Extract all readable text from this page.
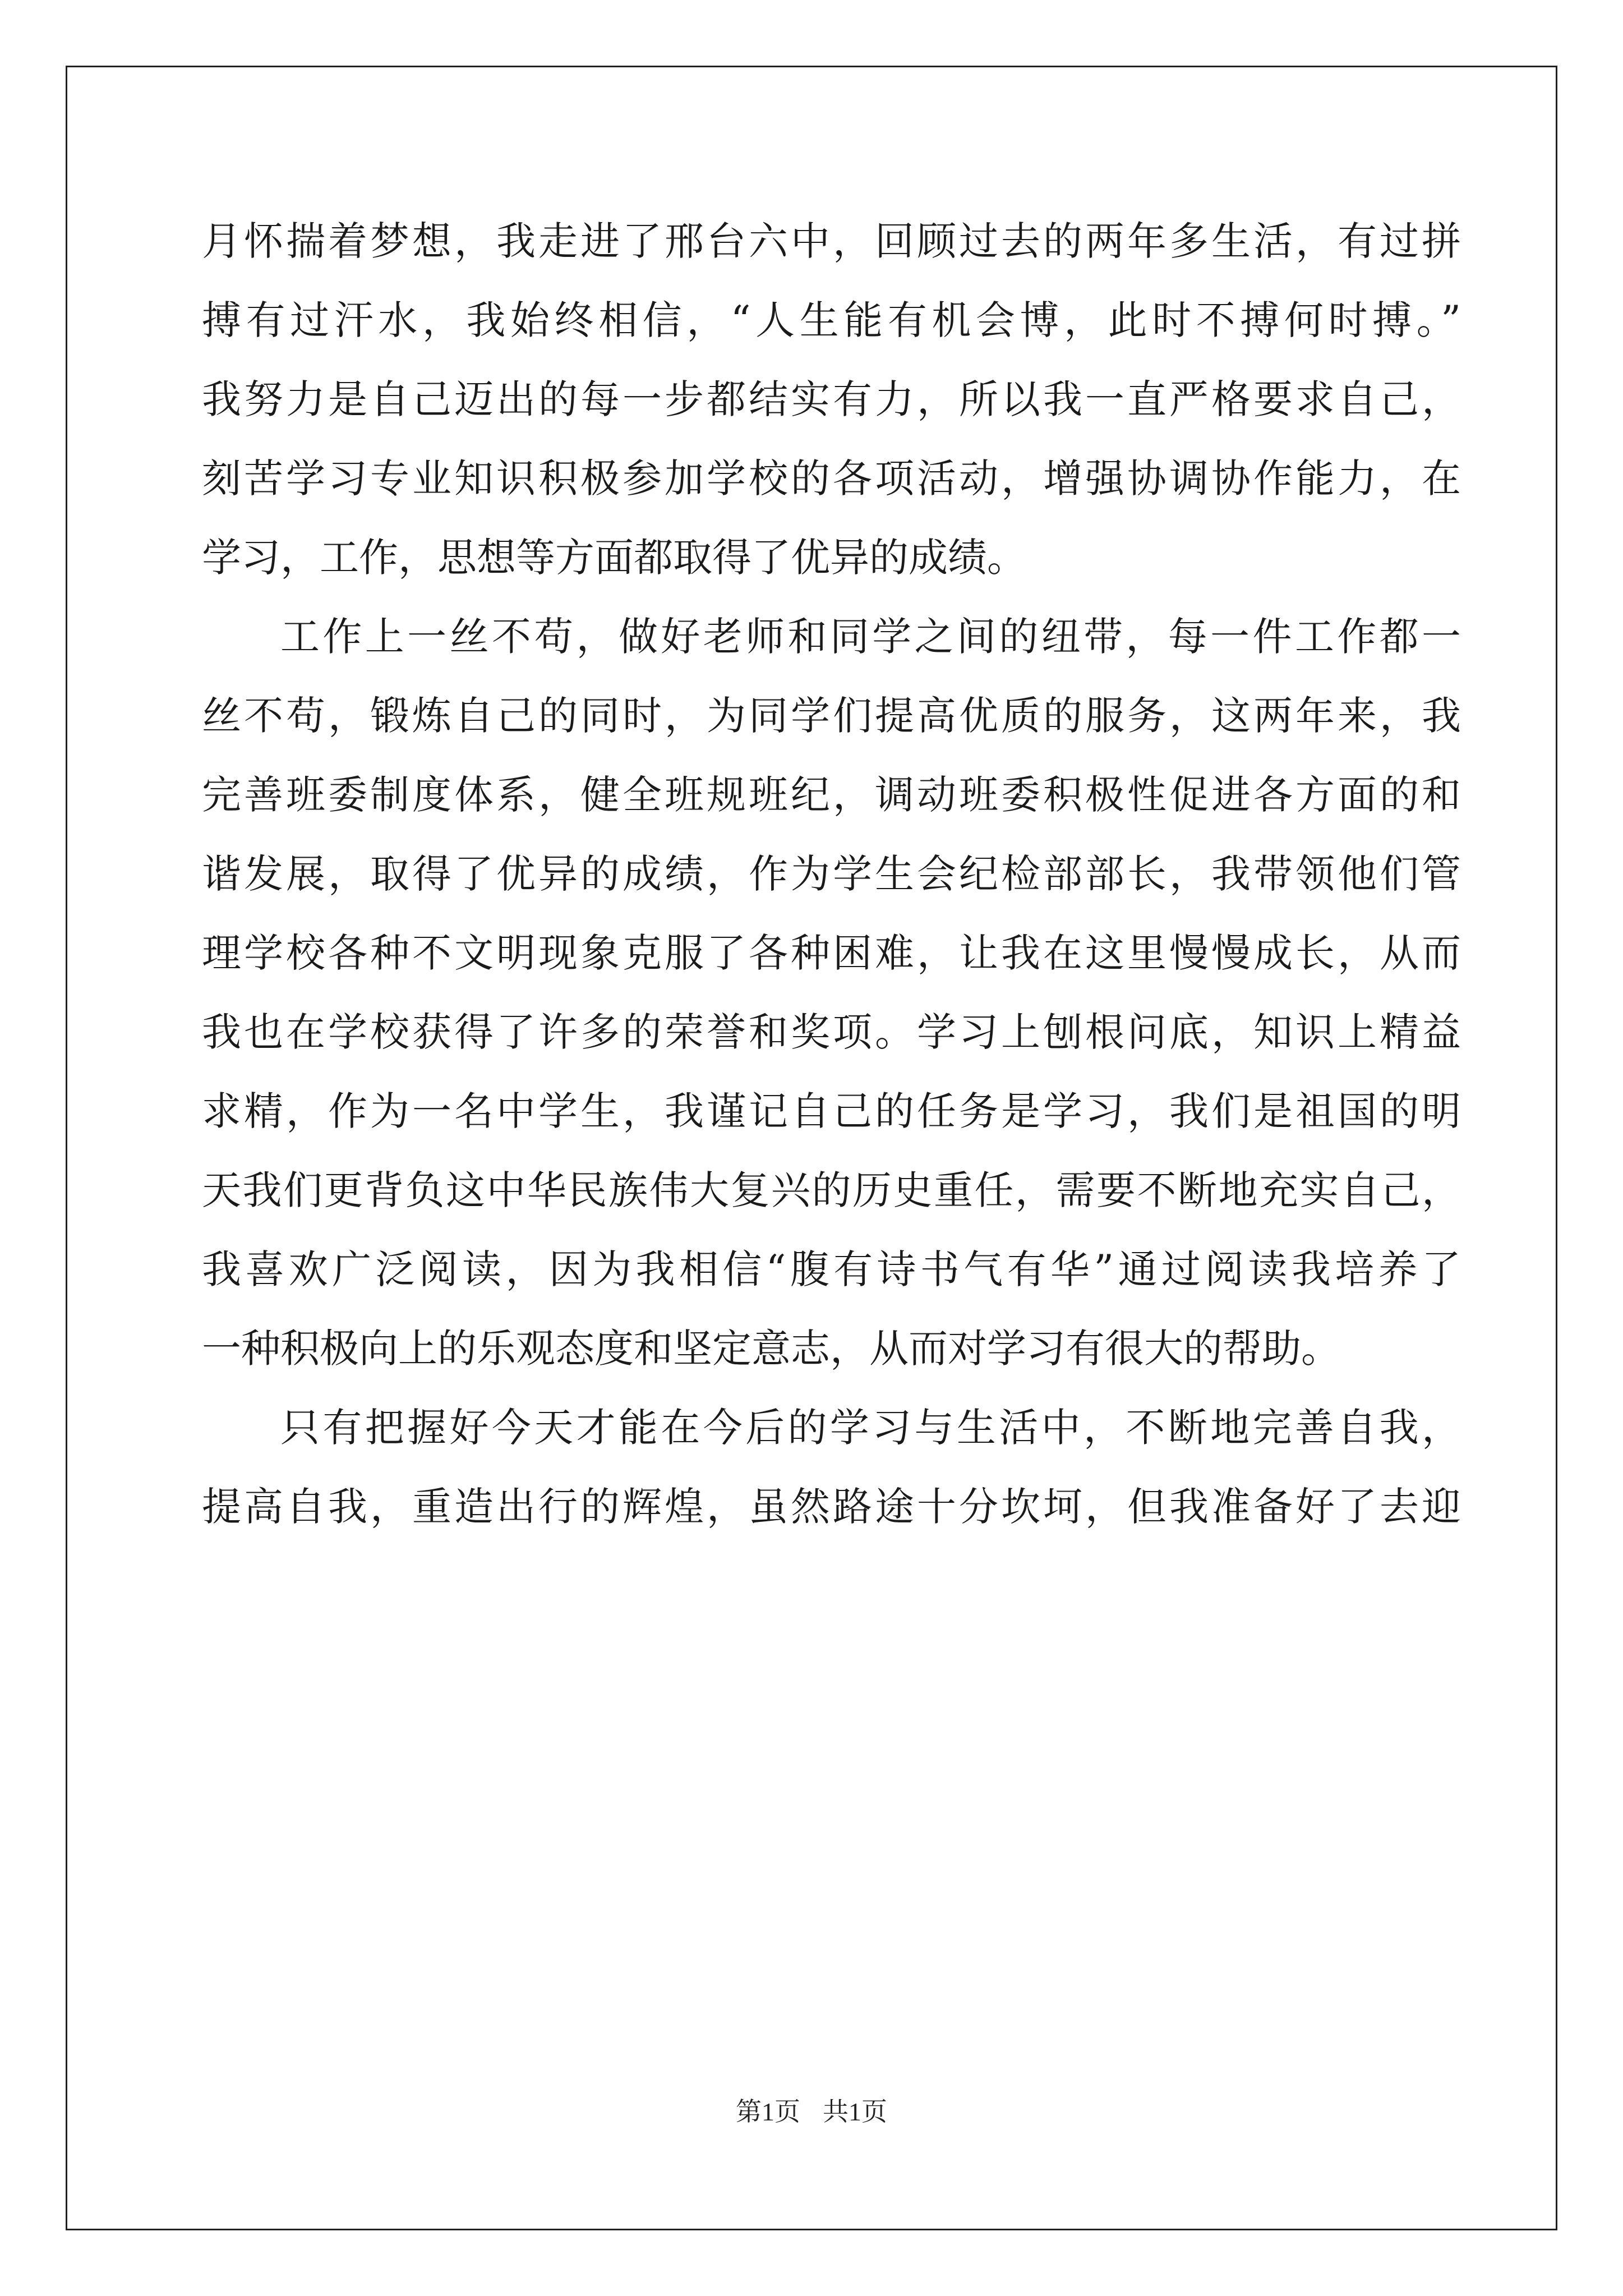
月怀揣着梦想，我走进了邢台六中，回顾过去的两年多生活，有过拼
搏有过汗水，我始终相信，“人生能有机会博，此时不搏何时搏。”
我努力是自己迈出的每一步都结实有力，所以我一直严格要求自己，
刻苦学习专业知识积极参加学校的各项活动，增强协调协作能力，在
学习，工作，思想等方面都取得了优异的成绩。
工作上一丝不苟，做好老师和同学之间的纽带，每一件工作都一
丝不苟，锻炼自己的同时，为同学们提高优质的服务，这两年来，我
完善班委制度体系，健全班规班纪，调动班委积极性促进各方面的和
谐发展，取得了优异的成绩，作为学生会纪检部部长，我带领他们管
理学校各种不文明现象克服了各种困难，让我在这里慢慢成长，从而
我也在学校获得了许多的荣誉和奖项。学习上刨根问底，知识上精益
求精，作为一名中学生，我谨记自己的任务是学习，我们是祖国的明
天我们更背负这中华民族伟大复兴的历史重任，需要不断地充实自己，
我喜欢广泛阅读，因为我相信“腹有诗书气有华”通过阅读我培养了
一种积极向上的乐观态度和坚定意志，从而对学习有很大的帮助。
只有把握好今天才能在今后的学习与生活中，不断地完善自我，
提高自我，重造出行的辉煌，虽然路途十分坎坷，但我准备好了去迎
第1页 共1页
